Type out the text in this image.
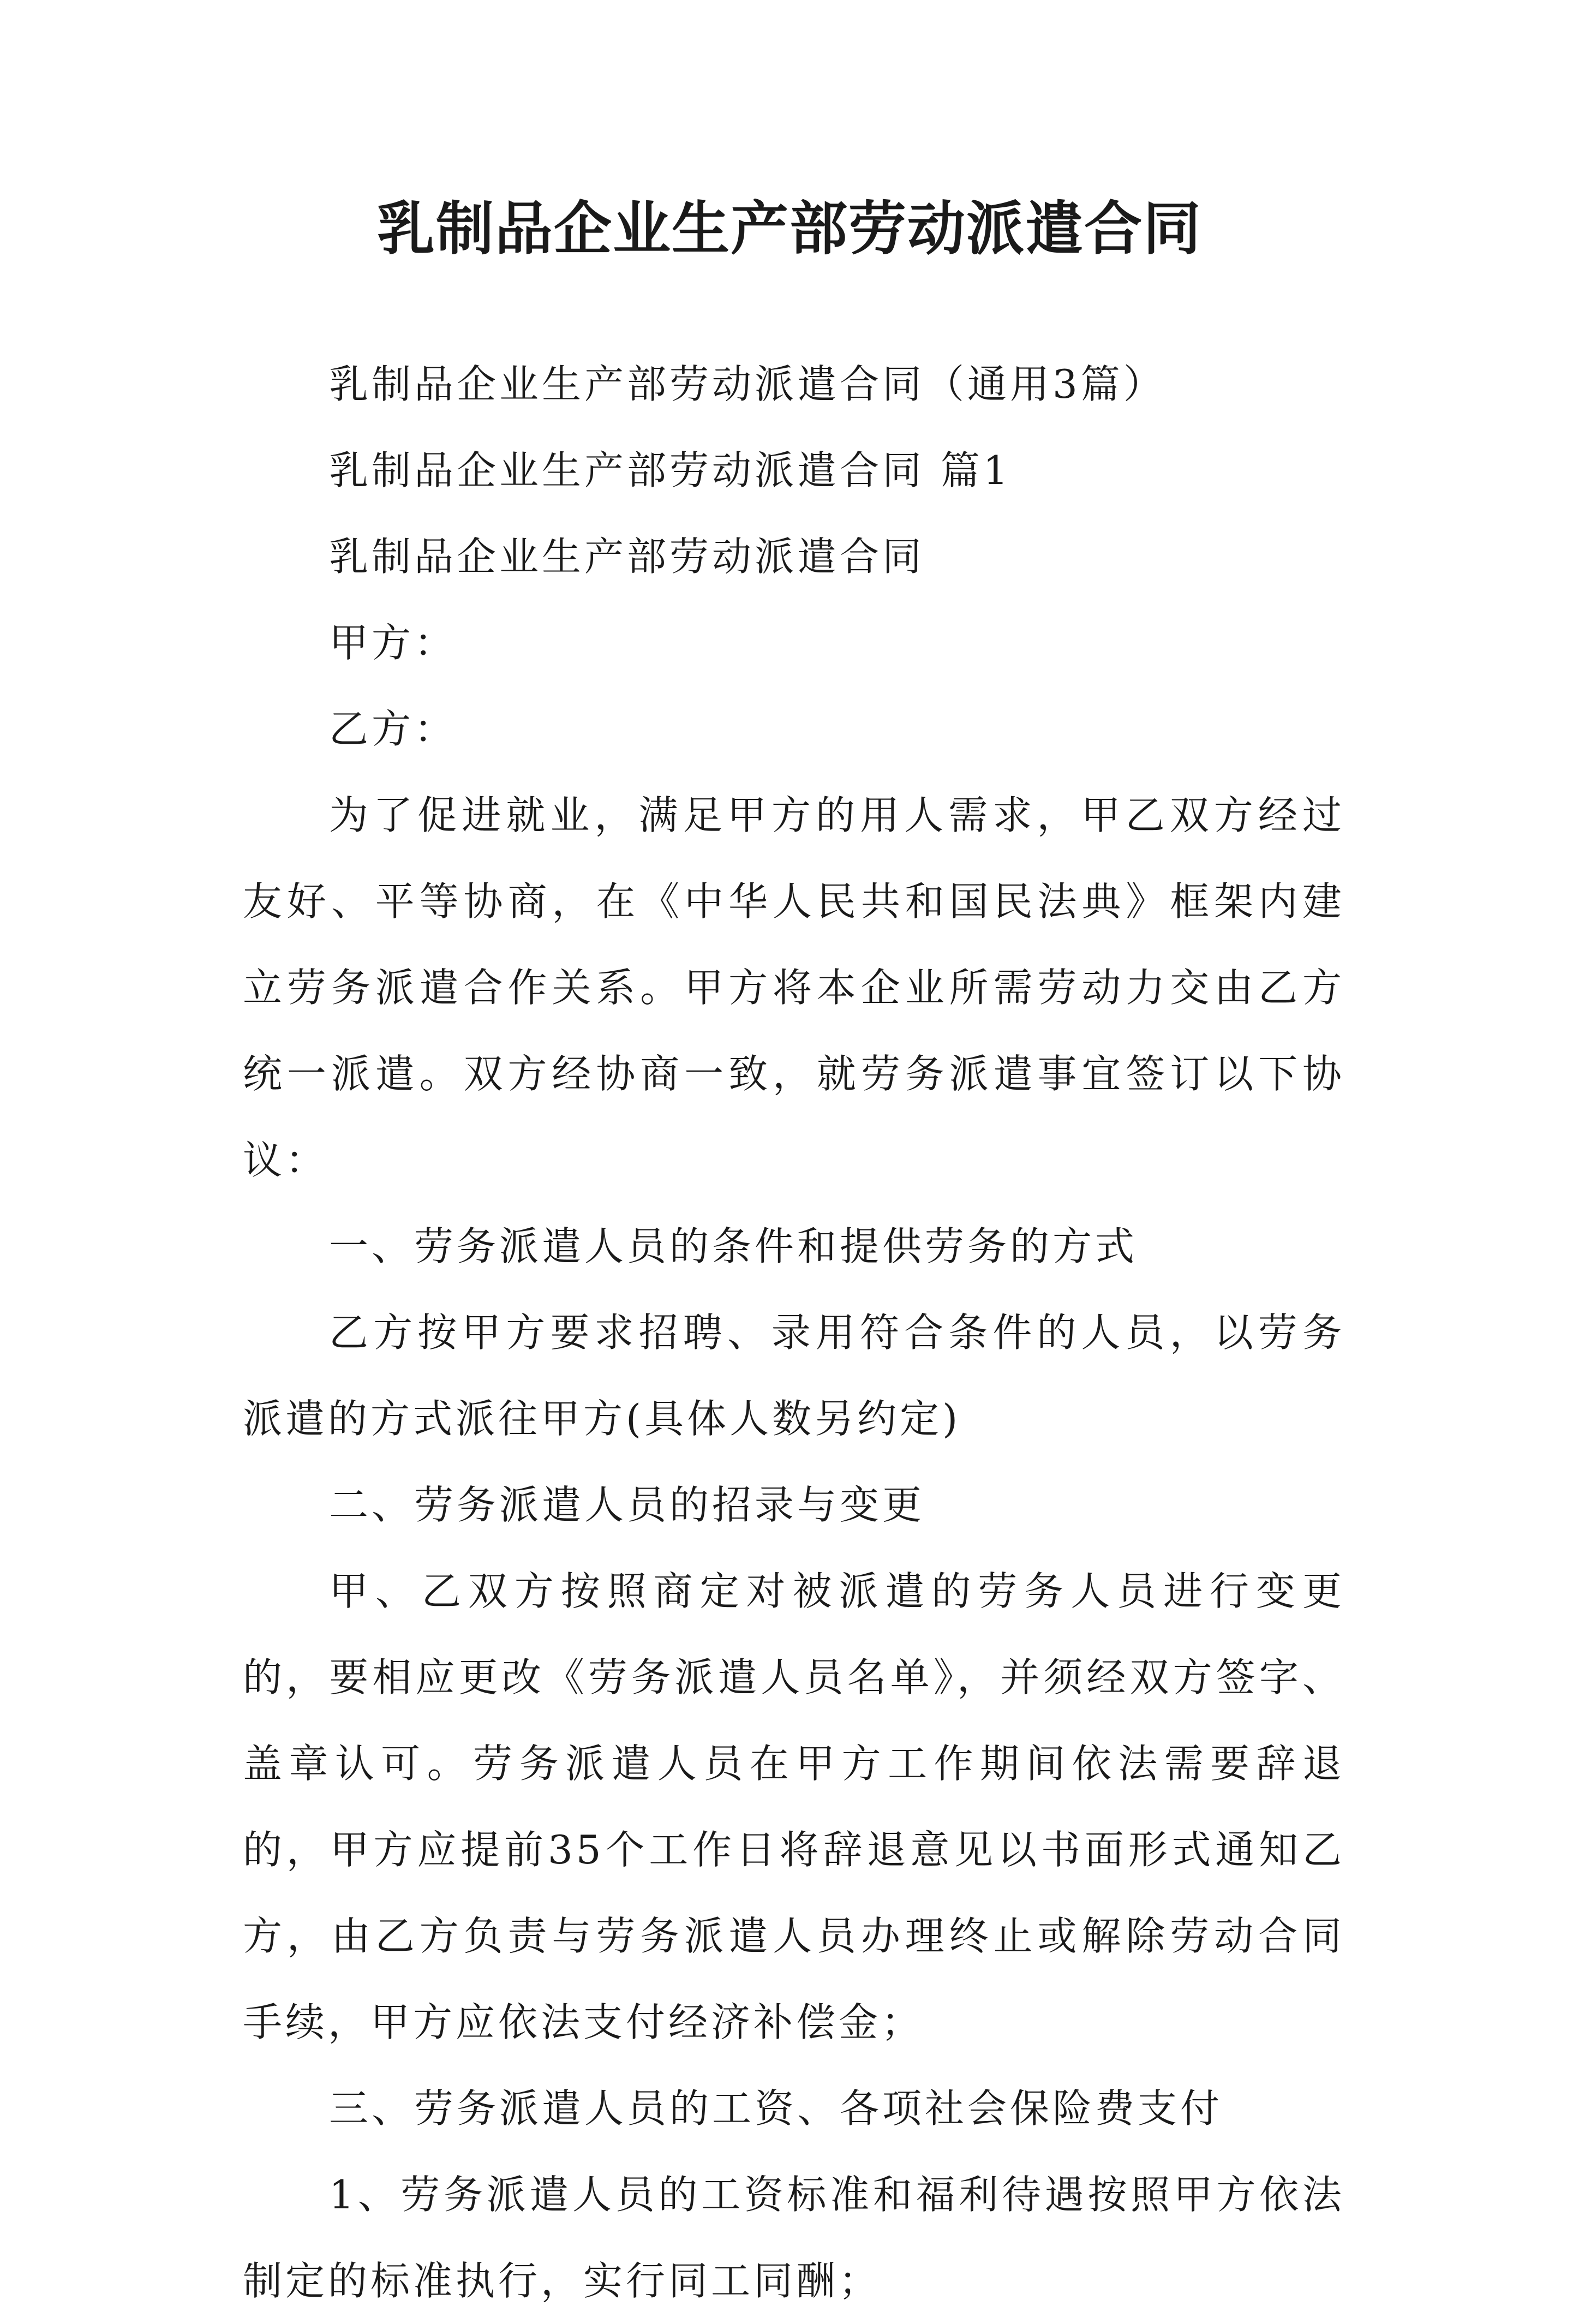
乳制品企业生产部劳动派遣合同

乳制品企业生产部劳动派遣合同（通用3篇）

乳制品企业生产部劳动派遣合同 篇1

乳制品企业生产部劳动派遣合同

甲方：

乙方：

为了促进就业，满足甲方的用人需求，甲乙双方经过友好、平等协商，在《中华人民共和国民法典》框架内建立劳务派遣合作关系。甲方将本企业所需劳动力交由乙方统一派遣。双方经协商一致，就劳务派遣事宜签订以下协议：

一、劳务派遣人员的条件和提供劳务的方式

乙方按甲方要求招聘、录用符合条件的人员，以劳务派遣的方式派往甲方(具体人数另约定)

二、劳务派遣人员的招录与变更

甲、乙双方按照商定对被派遣的劳务人员进行变更的，要相应更改《劳务派遣人员名单》，并须经双方签字、盖章认可。劳务派遣人员在甲方工作期间依法需要辞退的，甲方应提前35个工作日将辞退意见以书面形式通知乙方，由乙方负责与劳务派遣人员办理终止或解除劳动合同手续，甲方应依法支付经济补偿金；

三、劳务派遣人员的工资、各项社会保险费支付

1、劳务派遣人员的工资标准和福利待遇按照甲方依法制定的标准执行，实行同工同酬；
